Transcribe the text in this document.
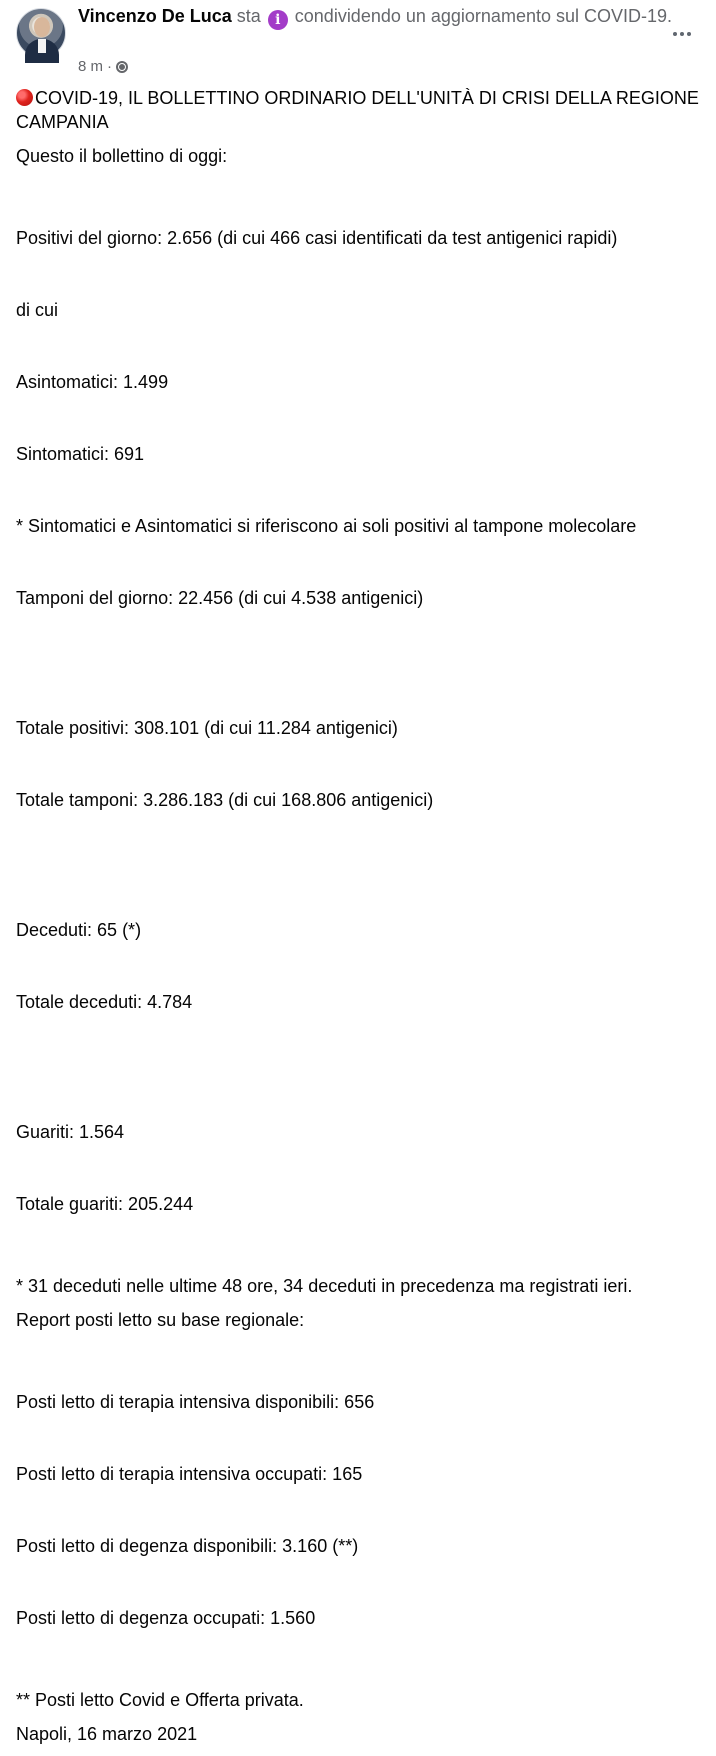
Vincenzo De Luca sta i condividendo un aggiornamento sul COVID-19.
8 m ·

COVID-19, IL BOLLETTINO ORDINARIO DELL'UNITÀ DI CRISI DELLA REGIONE CAMPANIA

Questo il bollettino di oggi:

Positivi del giorno: 2.656 (di cui 466 casi identificati da test antigenici rapidi)

di cui

Asintomatici: 1.499

Sintomatici: 691

* Sintomatici e Asintomatici si riferiscono ai soli positivi al tampone molecolare

Tamponi del giorno: 22.456 (di cui 4.538 antigenici)

Totale positivi: 308.101 (di cui 11.284 antigenici)

Totale tamponi: 3.286.183 (di cui 168.806 antigenici)

Deceduti: 65 (*)

Totale deceduti: 4.784

Guariti: 1.564

Totale guariti: 205.244

* 31 deceduti nelle ultime 48 ore, 34 deceduti in precedenza ma registrati ieri.

Report posti letto su base regionale:

Posti letto di terapia intensiva disponibili: 656

Posti letto di terapia intensiva occupati: 165

Posti letto di degenza disponibili: 3.160 (**)

Posti letto di degenza occupati: 1.560

** Posti letto Covid e Offerta privata.

Napoli, 16 marzo 2021
